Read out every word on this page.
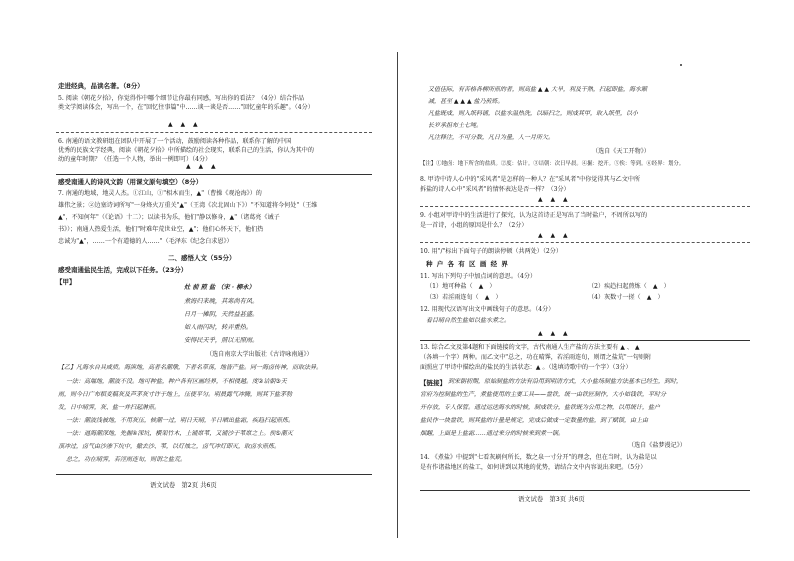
走进经典，品读名著。（8分）
5. 阅读《朝花夕拾》，你觉得作中哪个细节让你最有同感，写出你的看法？（4分）结合作品
类文学阅读体会，写出一个，在"回忆往事篇"中……谈一谈是否……"回忆童年的乐趣"。（4分）
▲ ▲ ▲
6. 南通的语文教研组在团队中开展了一个活动，鼓励阅读各种作品，联系你了解的中国
优秀的民族文学经典，阅读《朝花夕拾》中所描绘的社会现实，联系自己的生活，你认为其中的
幼的童年时期？（任选一个人物，举出一例即可）（4分）
▲ ▲ ▲
感受南通人的诗风文韵（用课文原句填空）（8分）
7. 南通的地域，地灵人杰。①江山，①"相木而生，▲"（曹操《观沧海》）的
雄伟之景；②边塞诗词所写"一身烽火万重关"▲"（王湾《次北固山下》）"不知道将今何处"（王维
▲"，不知何年"（《论语》十二）；以读书为乐，他们"静以修身，▲"（诸葛亮《诫子
书》）；南通人热爱生活，他们"时难年荒世业空，▲"；他们心怀天下，他们热
忠诚为"▲"，……一个有道德的人……"（毛泽东《纪念白求恩》）
二、感悟人文（55分）
感受南通盐民生活，完成以下任务。（23分）
【甲】
灶 前 煎 盐 （宋 · 柳永）
煮海归来晚，其寒尚有风。
日月一摊阴，天然益甚盛。
如人雨闪时，转弄重热。
安得民天乎，照以无照雨。
（选自南京大学出版社《古诗咏南通》）
【乙】凡海水自具咸质。海滨地，高者名潮墩，下者名草荡，地皆产盐。同一海卤传神，而取法异。
一法：高堰地，潮波不没。地可种盐，种户各有区画经界，不相侵越。度②诘朝③天
雨，则今日广布稻麦稿灰及芦茅灰寸许于地上，压使平匀。明晨露气冲腾，则其下盐茅勃
发，日中晴霁，灰、盐一并扫起淋煎。
一法：潮波浅被地，不用灰压，候潮一过，明日天晴，半日晒出盐霜，疾趋扫起煎炼。
一法：逼海潮深地，先掘④深坑，横架竹木，上铺席苇，又铺沙于苇席之上。俟⑤潮灭
顶冲过，卤气由沙渗下坑中，撤去沙、苇，以灯烛之，卤气冲灯即灭，取卤水煎炼。
总之，功在晴霁，若淫雨连旬，则谓之盐荒。
语文试卷　第2页 共6页
又值佳际，有苦格各柳所煎的者，则高盐 ▲ ▲ 大旱，利及干熟，扫起即盐，海水顺
减，甚至 ▲ ▲ ▲ 盐乃煎炼。
凡盐既成，则入纸料铺，以盐水温热洗，以暗扫之，则成其甲，取入纸里，以小
长岁承担布土七吨。
凡注释注，不可分数，凡日为量，人一月所欠。
（选自《天工开物》）
【注】①地卤：地下所含的盐质。②度：估计。③诘朝：次日早晨。④掘：挖开。⑤俟：等到。⑥经界：划分。
8. 甲诗中诗人心中的"采风者"是怎样的一种人？在"采风者"中你觉得其与乙文中所
拆盐的诗人心中"采风者"的情怀表达是否一样？（3分）
▲ ▲ ▲
9. 小组对甲诗中的生活进行了探究，认为这首诗正是写出了当时盐户，不周所以写的
是一首诗，小组的原因是什么？（2分）
▲ ▲ ▲
10. 用"/"标出下面句子的朗读停顿（共两处）（2分）
种 户 各 有 区 画 经 界
11. 写出下列句子中加点词的意思。（4分）
（1）地可种盐（　▲　）	（2）疾趋扫起煎炼（　▲　）
（3）若淫雨连旬（　▲　）	（4）灰数寸一搓（　▲　）
12. 用现代汉语写出文中画线句子的意思。（4分）
看目晴自然生盐如以盐水煮之。
▲ ▲ ▲
13. 综合乙文及第4题和下面链接的文字，古代南通人生产盐的方法主要有 ▲ 、 ▲
（各填一个字）两种。而乙文中"总之，功在晴霁，若淫雨连旬，则谓之盐荒"一句则附
面照应了甲诗中描绘出的盐民的生活状态：▲ 。（选填诗歌中的一个字）（3分）
【链接】 到宋朝初期，原始制盐的方法有沿用到明清方式，大小盐场制盐方法基本已经生，到时，
官府为控制盐的生产，煮盐使用的主要工具——盘铁，统一由铁匠制作，大小如钱铁，平时分
开存放，专人保管。通过运送海水的时候，制成铁分，盐铁既为公用之物，以用统计，盐户
盐民作一块盘铁，则其盐的计量是规定，完成后做成一定数量的盐，到了赋锁，由上由
烟翻，上面是上盐霜……通过来分的时候来到煮一锅。
（选自《盐梦漫记》）
14. 《煮盐》中提到"七看灰刷何所长，数之泉一寸分开"的理念，但在当时，认为盐是以
是有作诸盐地区的盐工，如何讲到以其地的优势，请结合文中内容说出来吧。（5分）
语文试卷　第3页 共6页
